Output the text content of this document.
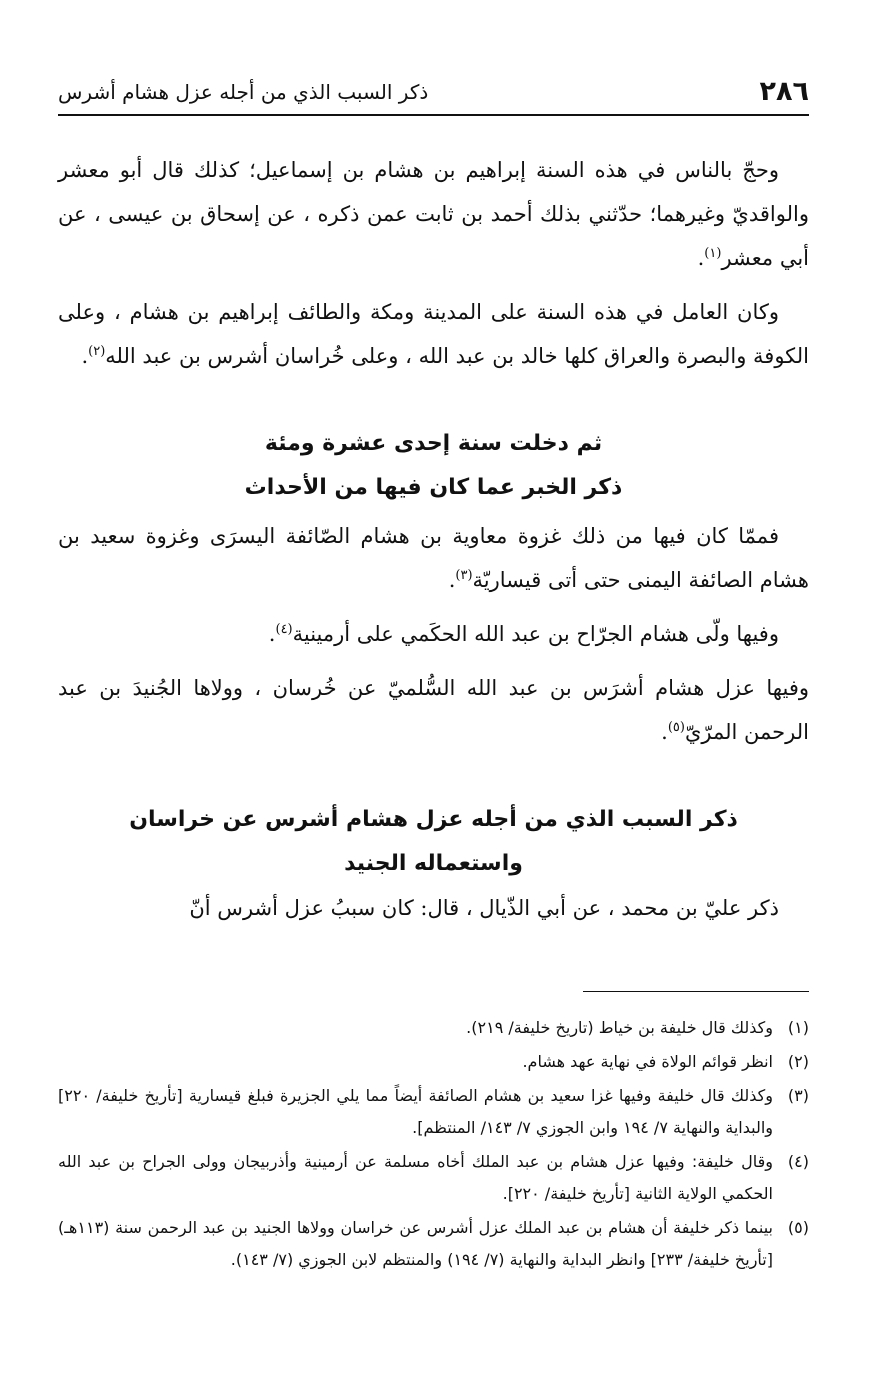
٢٨٦
ذكر السبب الذي من أجله عزل هشام أشرس

وحجّ بالناس في هذه السنة إبراهيم بن هشام بن إسماعيل؛ كذلك قال أبو معشر والواقديّ وغيرهما؛ حدّثني بذلك أحمد بن ثابت عمن ذكره ، عن إسحاق بن عيسى ، عن أبي معشر$^{(١)}$.

وكان العامل في هذه السنة على المدينة ومكة والطائف إبراهيم بن هشام ، وعلى الكوفة والبصرة والعراق كلها خالد بن عبد الله ، وعلى خُراسان أشرس بن عبد الله$^{(٢)}$.

ثم دخلت سنة إحدى عشرة ومئة
ذكر الخبر عما كان فيها من الأحداث

فممّا كان فيها من ذلك غزوة معاوية بن هشام الصّائفة اليسرَى وغزوة سعيد بن هشام الصائفة اليمنى حتى أتى قيساريّة$^{(٣)}$.

وفيها ولّى هشام الجرّاح بن عبد الله الحكَمي على أرمينية$^{(٤)}$.

وفيها عزل هشام أشرَس بن عبد الله السُّلميّ عن خُرسان ، وولاها الجُنيدَ بن عبد الرحمن المرّيّ$^{(٥)}$.

ذكر السبب الذي من أجله عزل هشام أشرس عن خراسان
واستعماله الجنيد

ذكر عليّ بن محمد ، عن أبي الذّيال ، قال: كان سببُ عزل أشرس أنّ

(١)
وكذلك قال خليفة بن خياط (تاريخ خليفة/ ٢١٩).
(٢)
انظر قوائم الولاة في نهاية عهد هشام.
(٣)
وكذلك قال خليفة وفيها غزا سعيد بن هشام الصائفة أيضاً مما يلي الجزيرة فبلغ قيسارية [تأريخ خليفة/ ٢٢٠] والبداية والنهاية ٧/ ١٩٤ وابن الجوزي ٧/ ١٤٣/ المنتظم].
(٤)
وقال خليفة: وفيها عزل هشام بن عبد الملك أخاه مسلمة عن أرمينية وأذربيجان وولى الجراح بن عبد الله الحكمي الولاية الثانية [تأريخ خليفة/ ٢٢٠].
(٥)
بينما ذكر خليفة أن هشام بن عبد الملك عزل أشرس عن خراسان وولاها الجنيد بن عبد الرحمن سنة (١١٣هـ) [تأريخ خليفة/ ٢٣٣] وانظر البداية والنهاية (٧/ ١٩٤) والمنتظم لابن الجوزي (٧/ ١٤٣).
